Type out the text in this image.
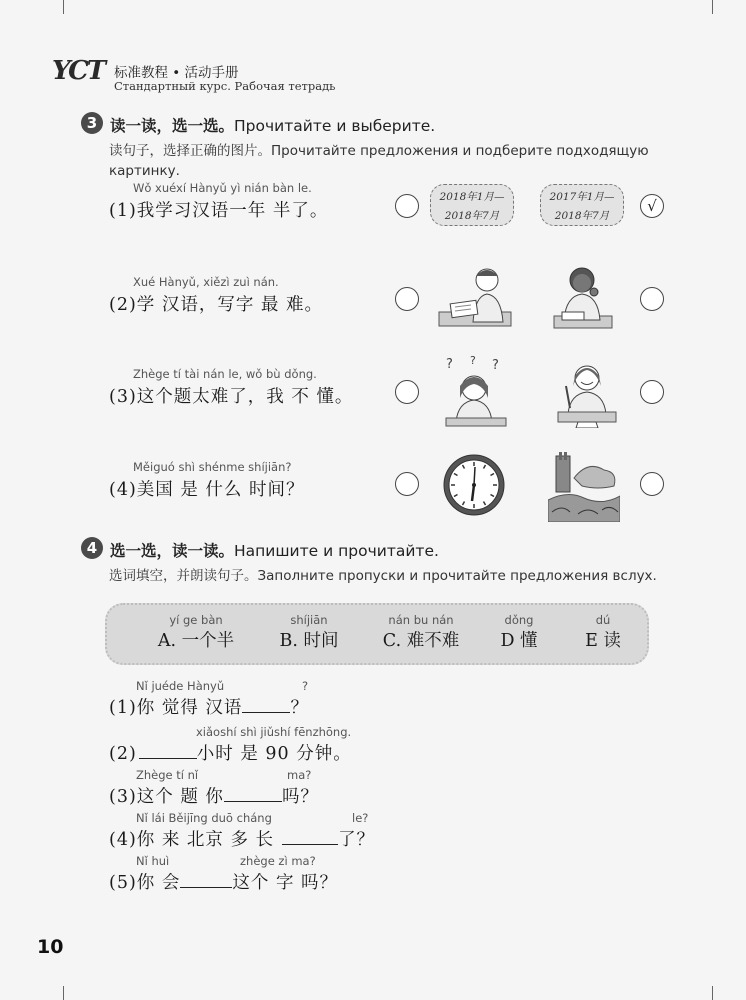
YCT 标准教程 • 活动手册
Стандартный курс. Рабочая тетрадь
3 读一读，选一选。Прочитайте и выберите.
读句子，选择正确的图片。Прочитайте предложения и подберите подходящую картинку.
Wǒ xuéxí Hànyǔ yì nián bàn le.
(1)我学习汉语一年 半了。
2018年1月—
2018年7月
2017年1月—
2018年7月
√
Xué Hànyǔ, xiězì zuì nán.
(2)学 汉语，写字 最 难。
Zhège tí tài nán le, wǒ bù dǒng.
(3)这个题太难了，我 不 懂。
? ? ?
Měiguó shì shénme shíjiān?
(4)美国 是 什么 时间？
4 选一选，读一读。Напишите и прочитайте.
选词填空，并朗读句子。Заполните пропуски и прочитайте предложения вслух.
yí ge bàn
A. 一个半
shíjiān
B. 时间
nán bu nán
C. 难不难
dǒng
D 懂
dú
E 读
Nǐ juéde Hànyǔ	?
(1)你 觉得 汉语	？
xiǎoshí shì jiǔshí fēnzhōng.
(2)	小时 是 90 分钟。
Zhège tí nǐ	ma?
(3)这个 题 你	吗？
Nǐ lái Běijīng duō cháng	le?
(4)你 来 北京 多 长	了？
Nǐ huì	zhège zì ma?
(5)你 会	这个 字 吗？
10
